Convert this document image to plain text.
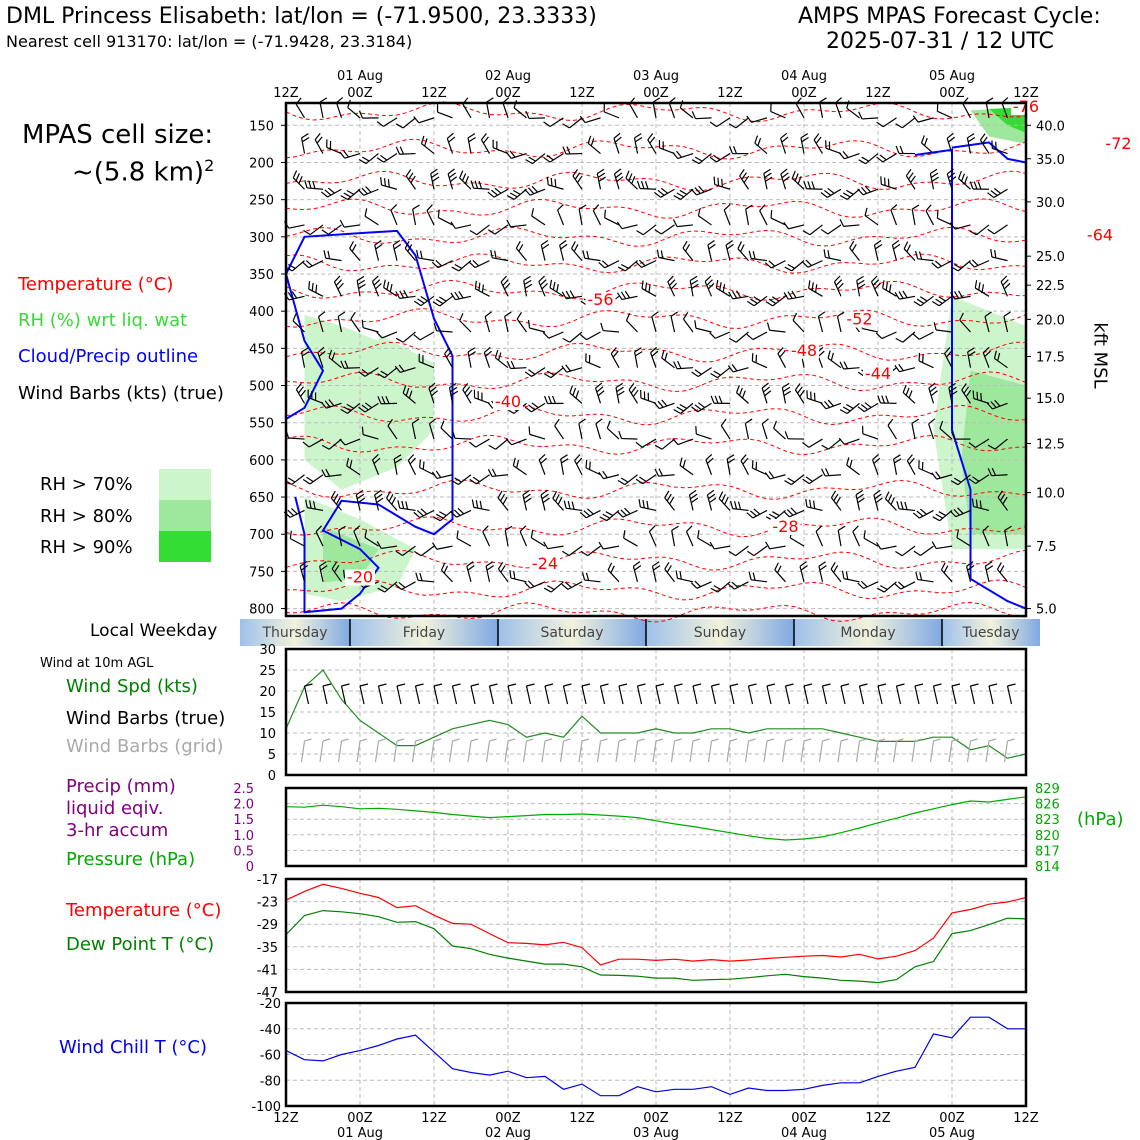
-76
-72
-64
-56
-52
-48
-44
-40
-28
-24
-20
150
200
250
300
350
400
450
500
550
600
650
700
750
800
40.0
35.0
30.0
25.0
22.5
20.0
17.5
15.0
12.5
10.0
7.5
5.0
12Z	00Z	12Z	00Z	12Z	00Z	12Z	00Z	12Z	00Z	12Z
01 Aug	02 Aug	03 Aug	04 Aug	05 Aug
Thursday	Friday	Saturday	Sunday	Monday	Tuesday
0
5
10
15
20
25
30
0
0.5
1.0
1.5
2.0
2.5
814
817
820
823
826
829
-47
-41
-35
-29
-23
-17
-100
-80
-60
-40
-20
12Z	00Z	12Z	00Z	12Z	00Z	12Z	00Z	12Z	00Z	12Z
01 Aug	02 Aug	03 Aug	04 Aug	05 Aug
DML Princess Elisabeth: lat/lon = (-71.9500, 23.3333)
Nearest cell 913170: lat/lon = (-71.9428, 23.3184)
AMPS MPAS Forecast Cycle:
2025-07-31 / 12 UTC
MPAS cell size:
~(5.8 km)$^2$
Temperature (°C)
RH (%) wrt liq. wat
Cloud/Precip outline
Wind Barbs (kts) (true)
RH > 70%
RH > 80%
RH > 90%
Local Weekday
Wind at 10m AGL
Wind Spd (kts)
Wind Barbs (true)
Wind Barbs (grid)
Precip (mm)
liquid eqiv.
3-hr accum
Pressure (hPa)
Temperature (°C)
Dew Point T (°C)
Wind Chill T (°C)
(hPa)
kft MSL
